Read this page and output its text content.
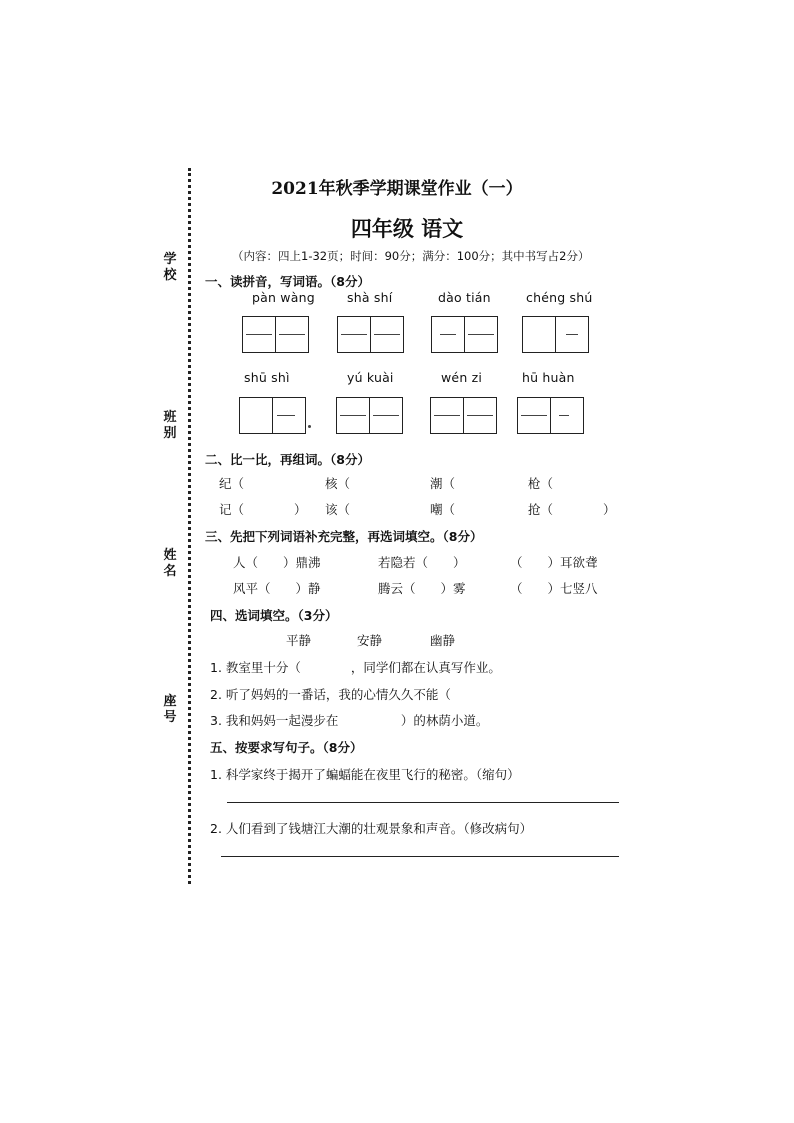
学校
班别
姓名
座号
2021年秋季学期课堂作业（一）
四年级 语文
（内容：四上1-32页；时间：90分；满分：100分；其中书写占2分）
一、读拼音，写词语。（8分）
pàn wàng	shà shí	dào tián	chéng shú
shū shì	yú kuài	wén zi	hū huàn
二、比一比，再组词。（8分）
纪（	核（	潮（	枪（
记（　　　　） 该（	嘲（	抢（　　　　）
三、先把下列词语补充完整，再选词填空。（8分）
人（　　）鼎沸	若隐若（　　）	（　　）耳欲聋
风平（　　）静	腾云（　　）雾	（　　）七竖八
四、选词填空。（3分）
平静	安静	幽静
1. 教室里十分（　　　　，同学们都在认真写作业。
2. 听了妈妈的一番话，我的心情久久不能（
3. 我和妈妈一起漫步在　　　　　）的林荫小道。
五、按要求写句子。（8分）
1. 科学家终于揭开了蝙蝠能在夜里飞行的秘密。（缩句）
2. 人们看到了钱塘江大潮的壮观景象和声音。（修改病句）
